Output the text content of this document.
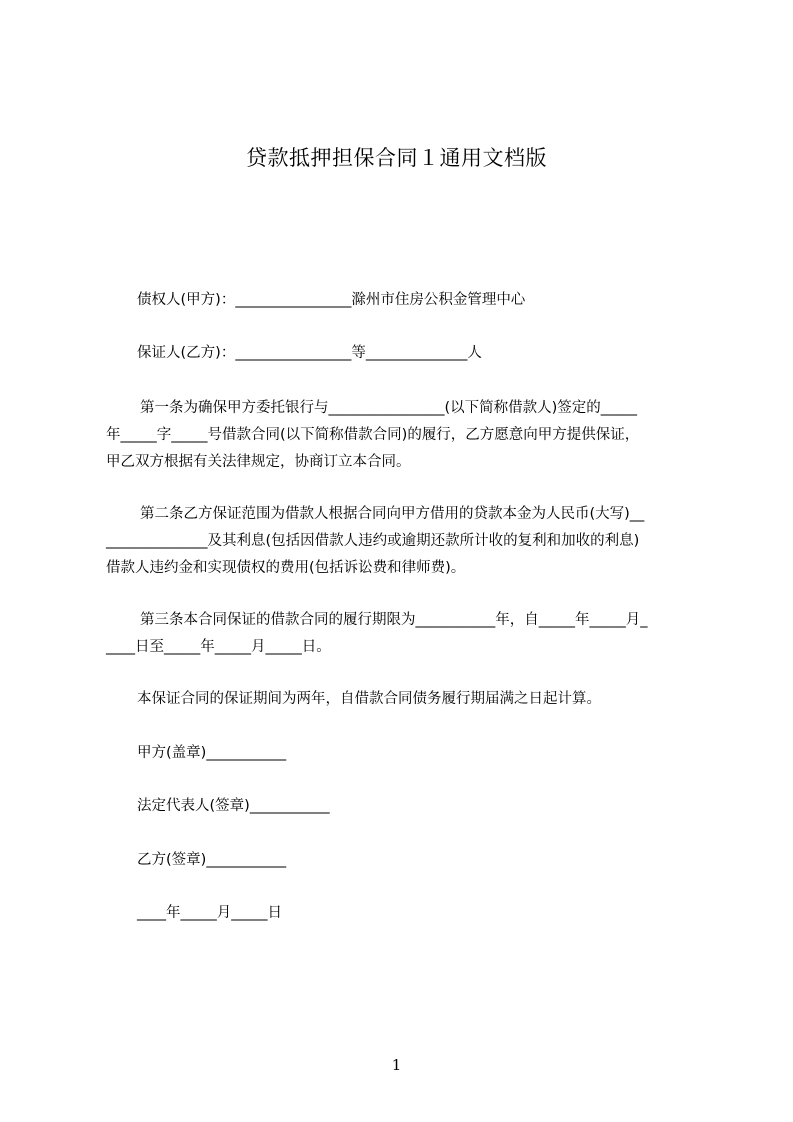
贷款抵押担保合同１通用文档版
债权人(甲方)：________________滁州市住房公积金管理中心
保证人(乙方)：________________等______________人
第一条为确保甲方委托银行与________________(以下简称借款人)签定的_____
年_____字_____号借款合同(以下简称借款合同)的履行，乙方愿意向甲方提供保证，
甲乙双方根据有关法律规定，协商订立本合同。
第二条乙方保证范围为借款人根据合同向甲方借用的贷款本金为人民币(大写)__
______________及其利息(包括因借款人违约或逾期还款所计收的复利和加收的利息)
借款人违约金和实现债权的费用(包括诉讼费和律师费)。
第三条本合同保证的借款合同的履行期限为___________年，自_____年_____月_
____日至_____年_____月_____日。
本保证合同的保证期间为两年，自借款合同债务履行期届满之日起计算。
甲方(盖章)___________
法定代表人(签章)___________
乙方(签章)___________
____年_____月_____日
1
